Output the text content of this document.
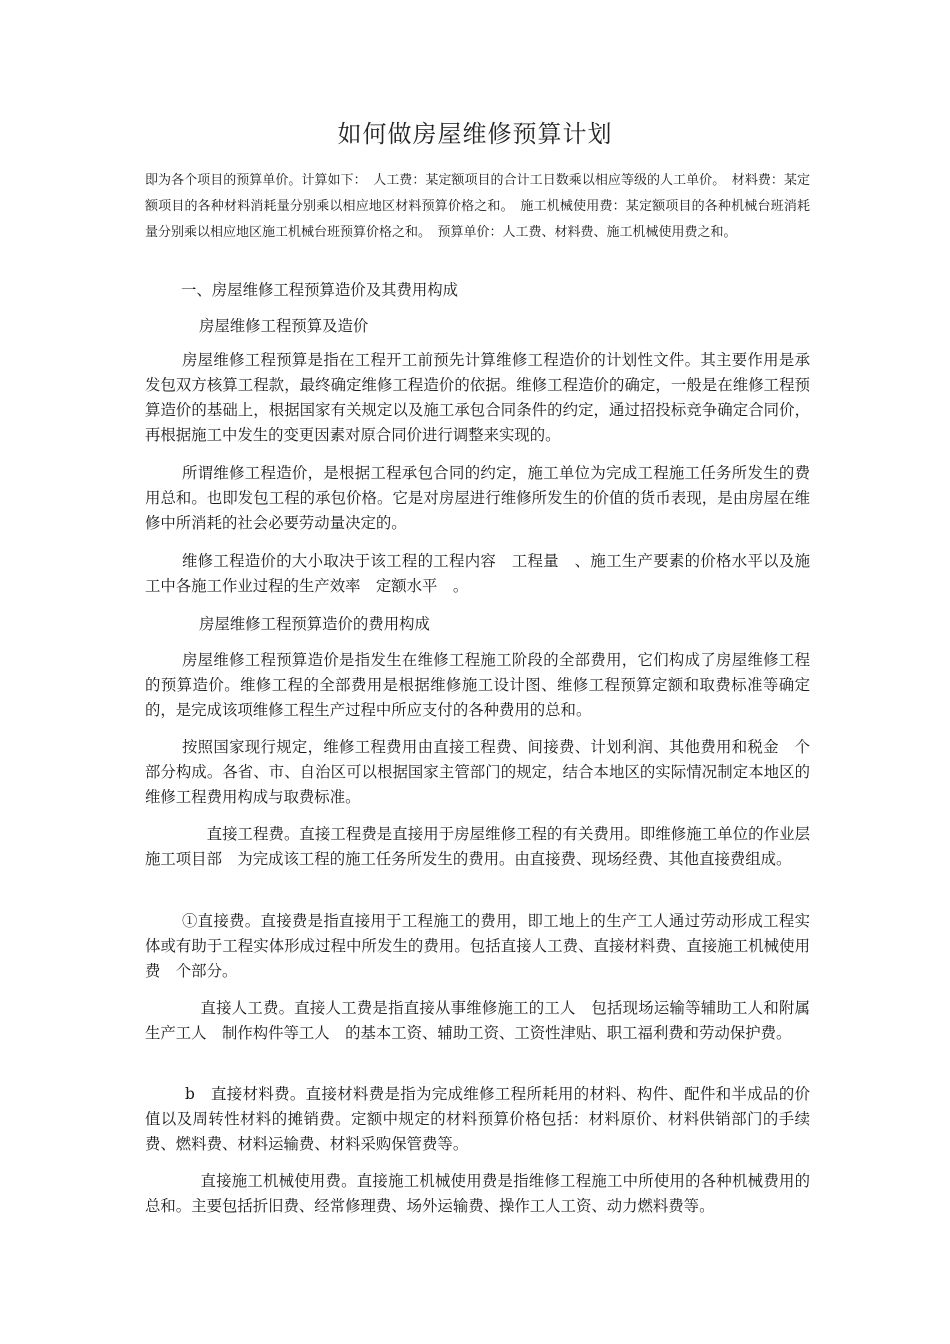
如何做房屋维修预算计划
即为各个项目的预算单价。计算如下：　人工费：某定额项目的合计工日数乘以相应等级的人工单价。　材料费：某定额项目的各种材料消耗量分别乘以相应地区材料预算价格之和。　施工机械使用费：某定额项目的各种机械台班消耗量分别乘以相应地区施工机械台班预算价格之和。　预算单价：人工费、材料费、施工机械使用费之和。
一、房屋维修工程预算造价及其费用构成
房屋维修工程预算及造价
房屋维修工程预算是指在工程开工前预先计算维修工程造价的计划性文件。其主要作用是承发包双方核算工程款，最终确定维修工程造价的依据。维修工程造价的确定，一般是在维修工程预算造价的基础上，根据国家有关规定以及施工承包合同条件的约定，通过招投标竞争确定合同价，再根据施工中发生的变更因素对原合同价进行调整来实现的。
所谓维修工程造价，是根据工程承包合同的约定，施工单位为完成工程施工任务所发生的费用总和。也即发包工程的承包价格。它是对房屋进行维修所发生的价值的货币表现，是由房屋在维修中所消耗的社会必要劳动量决定的。
维修工程造价的大小取决于该工程的工程内容　工程量　、施工生产要素的价格水平以及施工中各施工作业过程的生产效率　定额水平　。
房屋维修工程预算造价的费用构成
房屋维修工程预算造价是指发生在维修工程施工阶段的全部费用，它们构成了房屋维修工程的预算造价。维修工程的全部费用是根据维修施工设计图、维修工程预算定额和取费标准等确定的，是完成该项维修工程生产过程中所应支付的各种费用的总和。
按照国家现行规定，维修工程费用由直接工程费、间接费、计划利润、其他费用和税金　个部分构成。各省、市、自治区可以根据国家主管部门的规定，结合本地区的实际情况制定本地区的维修工程费用构成与取费标准。
直接工程费。直接工程费是直接用于房屋维修工程的有关费用。即维修施工单位的作业层　施工项目部　为完成该工程的施工任务所发生的费用。由直接费、现场经费、其他直接费组成。
①直接费。直接费是指直接用于工程施工的费用，即工地上的生产工人通过劳动形成工程实体或有助于工程实体形成过程中所发生的费用。包括直接人工费、直接材料费、直接施工机械使用费　个部分。
直接人工费。直接人工费是指直接从事维修施工的工人　包括现场运输等辅助工人和附属生产工人　制作构件等工人　的基本工资、辅助工资、工资性津贴、职工福利费和劳动保护费。
b　直接材料费。直接材料费是指为完成维修工程所耗用的材料、构件、配件和半成品的价值以及周转性材料的摊销费。定额中规定的材料预算价格包括：材料原价、材料供销部门的手续费、燃料费、材料运输费、材料采购保管费等。
直接施工机械使用费。直接施工机械使用费是指维修工程施工中所使用的各种机械费用的总和。主要包括折旧费、经常修理费、场外运输费、操作工人工资、动力燃料费等。
